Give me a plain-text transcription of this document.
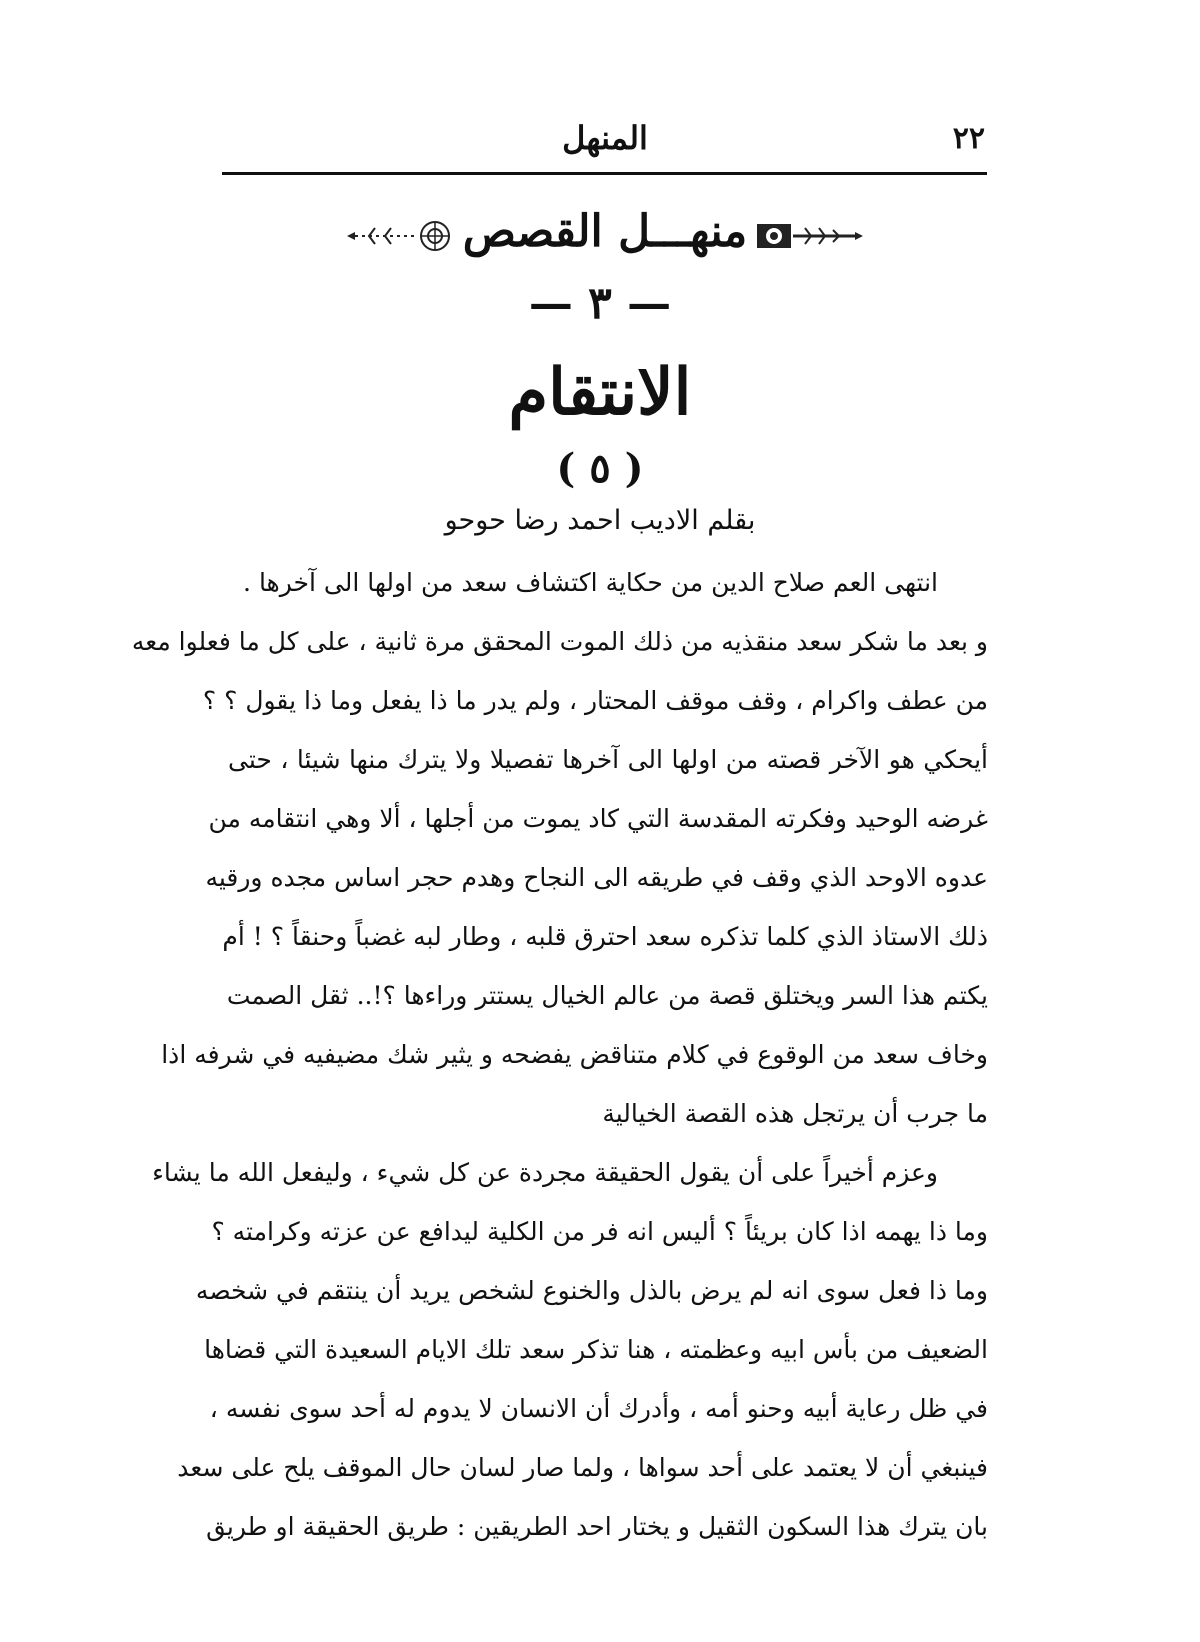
٢٢
المنهل
منهـــل القصص
— ٣ —
الانتقام
( ٥ )
بقلم الاديب احمد رضا حوحو
انتهى العم صلاح الدين من حكاية اكتشاف سعد من اولها الى آخرها .
و بعد ما شكر سعد منقذيه من ذلك الموت المحقق مرة ثانية ، على كل ما فعلوا معه
من عطف واكرام ، وقف موقف المحتار ، ولم يدر ما ذا يفعل وما ذا يقول ؟ ؟
أيحكي هو الآخر قصته من اولها الى آخرها تفصيلا ولا يترك منها شيئا ، حتى
غرضه الوحيد وفكرته المقدسة التي كاد يموت من أجلها ، ألا وهي انتقامه من
عدوه الاوحد الذي وقف في طريقه الى النجاح وهدم حجر اساس مجده ورقيه
ذلك الاستاذ الذي كلما تذكره سعد احترق قلبه ، وطار لبه غضباً وحنقاً ؟ ! أم
يكتم هذا السر ويختلق قصة من عالم الخيال يستتر وراءها ؟!.. ثقل الصمت
وخاف سعد من الوقوع في كلام متناقض يفضحه و يثير شك مضيفيه في شرفه اذا
ما جرب أن يرتجل هذه القصة الخيالية
وعزم أخيراً على أن يقول الحقيقة مجردة عن كل شيء ، وليفعل الله ما يشاء
وما ذا يهمه اذا كان بريئاً ؟ أليس انه فر من الكلية ليدافع عن عزته وكرامته ؟
وما ذا فعل سوى انه لم يرض بالذل والخنوع لشخص يريد أن ينتقم في شخصه
الضعيف من بأس ابيه وعظمته ، هنا تذكر سعد تلك الايام السعيدة التي قضاها
في ظل رعاية أبيه وحنو أمه ، وأدرك أن الانسان لا يدوم له أحد سوى نفسه ،
فينبغي أن لا يعتمد على أحد سواها ، ولما صار لسان حال الموقف يلح على سعد
بان يترك هذا السكون الثقيل و يختار احد الطريقين : طريق الحقيقة او طريق
